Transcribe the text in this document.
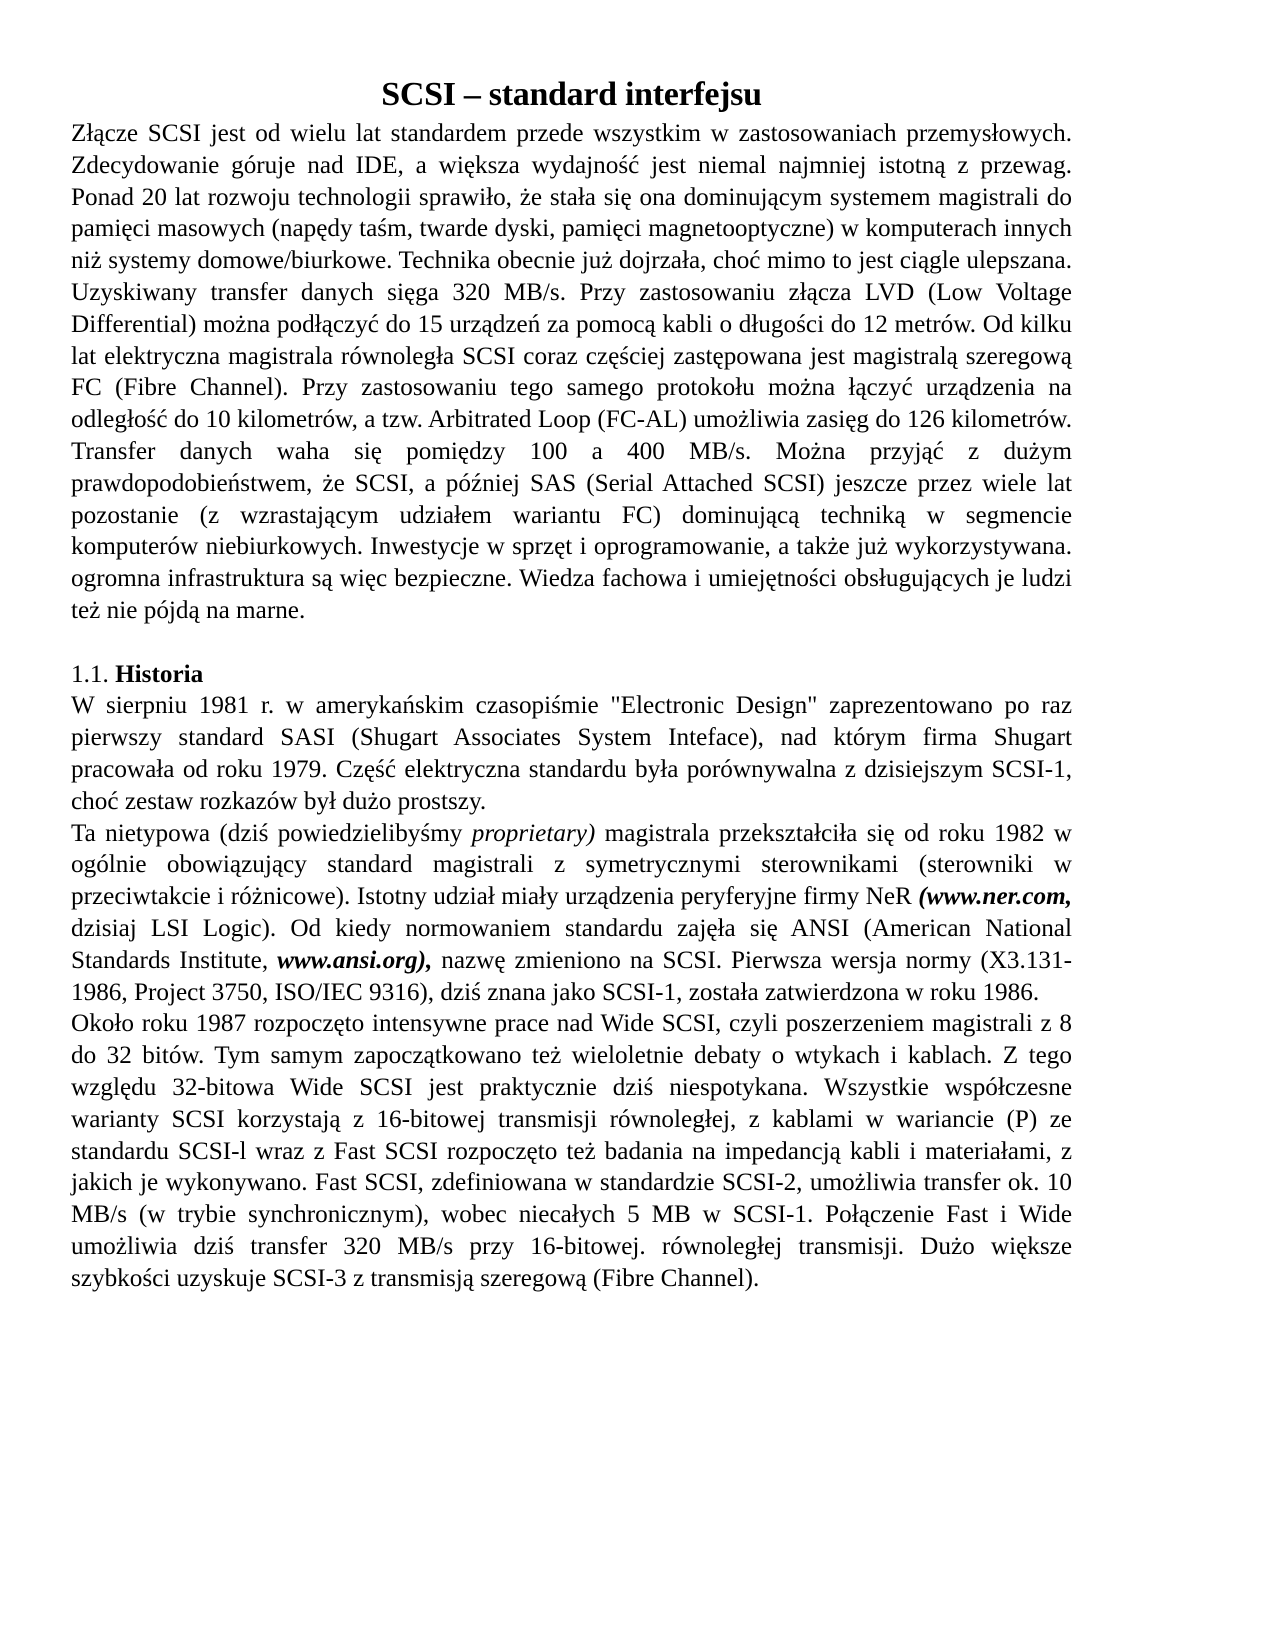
SCSI – standard interfejsu

Złącze SCSI jest od wielu lat standardem przede wszystkim w zastosowaniach przemysłowych. Zdecydowanie góruje nad IDE, a większa wydajność jest niemal najmniej istotną z przewag. Ponad 20 lat rozwoju technologii sprawiło, że stała się ona dominującym systemem magistrali do pamięci masowych (napędy taśm, twarde dyski, pamięci magnetooptyczne) w komputerach innych niż systemy domowe/biurkowe. Technika obecnie już dojrzała, choć mimo to jest ciągle ulepszana. Uzyskiwany transfer danych sięga 320 MB/s. Przy zastosowaniu złącza LVD (Low Voltage Differential) można podłączyć do 15 urządzeń za pomocą kabli o długości do 12 metrów. Od kilku lat elektryczna magistrala równoległa SCSI coraz częściej zastępowana jest magistralą szeregową FC (Fibre Channel). Przy zastosowaniu tego samego protokołu można łączyć urządzenia na odległość do 10 kilometrów, a tzw. Arbitrated Loop (FC-AL) umożliwia zasięg do 126 kilometrów. Transfer danych waha się pomiędzy 100 a 400 MB/s. Można przyjąć z dużym prawdopodobieństwem, że SCSI, a później SAS (Serial Attached SCSI) jeszcze przez wiele lat pozostanie (z wzrastającym udziałem wariantu FC) dominującą techniką w segmencie komputerów niebiurkowych. Inwestycje w sprzęt i oprogramowanie, a także już wykorzystywana. ogromna infrastruktura są więc bezpieczne. Wiedza fachowa i umiejętności obsługujących je ludzi też nie pójdą na marne.

1.1. Historia

W sierpniu 1981 r. w amerykańskim czasopiśmie "Electronic Design" zaprezentowano po raz pierwszy standard SASI (Shugart Associates System Inteface), nad którym firma Shugart pracowała od roku 1979. Część elektryczna standardu była porównywalna z dzisiejszym SCSI-1, choć zestaw rozkazów był dużo prostszy.

Ta nietypowa (dziś powiedzielibyśmy proprietary) magistrala przekształciła się od roku 1982 w ogólnie obowiązujący standard magistrali z symetrycznymi sterownikami (sterowniki w przeciwtakcie i różnicowe). Istotny udział miały urządzenia peryferyjne firmy NeR (www.ner.com, dzisiaj LSI Logic). Od kiedy normowaniem standardu zajęła się ANSI (American National Standards Institute, www.ansi.org), nazwę zmieniono na SCSI. Pierwsza wersja normy (X3.131-1986, Project 3750, ISO/IEC 9316), dziś znana jako SCSI-1, została zatwierdzona w roku 1986.

Około roku 1987 rozpoczęto intensywne prace nad Wide SCSI, czyli poszerzeniem magistrali z 8 do 32 bitów. Tym samym zapoczątkowano też wieloletnie debaty o wtykach i kablach. Z tego względu 32-bitowa Wide SCSI jest praktycznie dziś niespotykana. Wszystkie współczesne warianty SCSI korzystają z 16-bitowej transmisji równoległej, z kablami w wariancie (P) ze standardu SCSI-l wraz z Fast SCSI rozpoczęto też badania na impedancją kabli i materiałami, z jakich je wykonywano. Fast SCSI, zdefiniowana w standardzie SCSI-2, umożliwia transfer ok. 10 MB/s (w trybie synchronicznym), wobec niecałych 5 MB w SCSI-1. Połączenie Fast i Wide umożliwia dziś transfer 320 MB/s przy 16-bitowej. równoległej transmisji. Dużo większe szybkości uzyskuje SCSI-3 z transmisją szeregową (Fibre Channel).
